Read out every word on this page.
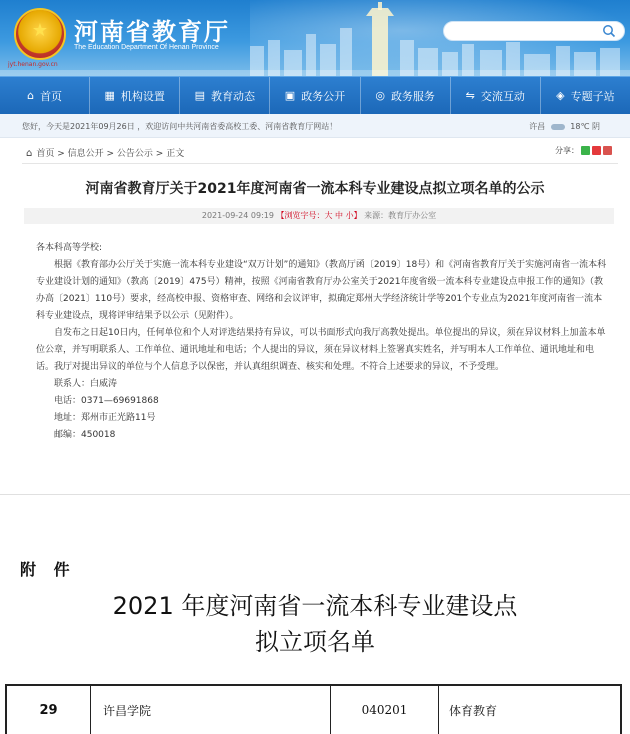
★
jyt.henan.gov.cn
河南省教育厅
The Education Department Of Henan Province
⌂ 首页	▦ 机构设置	▤ 教育动态	▣ 政务公开	◎ 政务服务	⇋ 交流互动	◈ 专题子站
您好，今天是2021年09月26日 ，欢迎访问中共河南省委高校工委、河南省教育厅网站！	许昌	18℃ 阴
⌂ 首页 > 信息公开 > 公告公示 > 正文	分享：
河南省教育厅关于2021年度河南省一流本科专业建设点拟立项名单的公示
2021-09-24 09:19 【浏览字号：大 中 小】 来源：教育厅办公室

各本科高等学校:

根据《教育部办公厅关于实施一流本科专业建设“双万计划”的通知》（教高厅函〔2019〕18号）和《河南省教育厅关于实施河南省一流本科专业建设计划的通知》（教高〔2019〕475号）精神，按照《河南省教育厅办公室关于2021年度省级一流本科专业建设点申报工作的通知》（教办高〔2021〕110号）要求，经高校申报、资格审查、网络和会议评审，拟确定郑州大学经济统计学等201个专业点为2021年度河南省一流本科专业建设点，现将评审结果予以公示（见附件）。

自发布之日起10日内，任何单位和个人对评选结果持有异议，可以书面形式向我厅高教处提出。单位提出的异议，须在异议材料上加盖本单位公章，并写明联系人、工作单位、通讯地址和电话；个人提出的异议，须在异议材料上签署真实姓名，并写明本人工作单位、通讯地址和电话。我厅对提出异议的单位与个人信息予以保密，并认真组织调查、核实和处理。不符合上述要求的异议，不予受理。

联系人：白威涛

电话：0371—69691868

地址：郑州市正光路11号

邮编：450018

附 件
2021 年度河南省一流本科专业建设点
拟立项名单
29	许昌学院	040201	体育教育
